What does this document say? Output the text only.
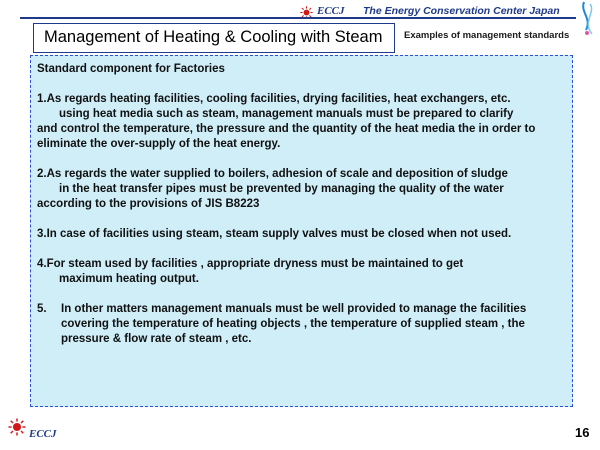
ECCJ The Energy Conservation Center Japan
Management of Heating & Cooling with Steam	Examples of management standards
Standard component for Factories
1.As regards heating facilities, cooling facilities, drying facilities, heat exchangers, etc.
using heat media such as steam, management manuals must be prepared to clarify
and control the temperature, the pressure and the quantity of the heat media the in order to eliminate the over-supply of the heat energy.
2.As regards the water supplied to boilers, adhesion of scale and deposition of sludge
in the heat transfer pipes must be prevented by managing the quality of the water
according to the provisions of JIS B8223
3.In case of facilities using steam, steam supply valves must be closed when not used.
4.For steam used by facilities , appropriate dryness must be maintained to get
maximum heating output.
5.	In other matters management manuals must be well provided to manage the facilities covering the temperature of heating objects , the temperature of supplied steam , the pressure & flow rate of steam , etc.
ECCJ	16
